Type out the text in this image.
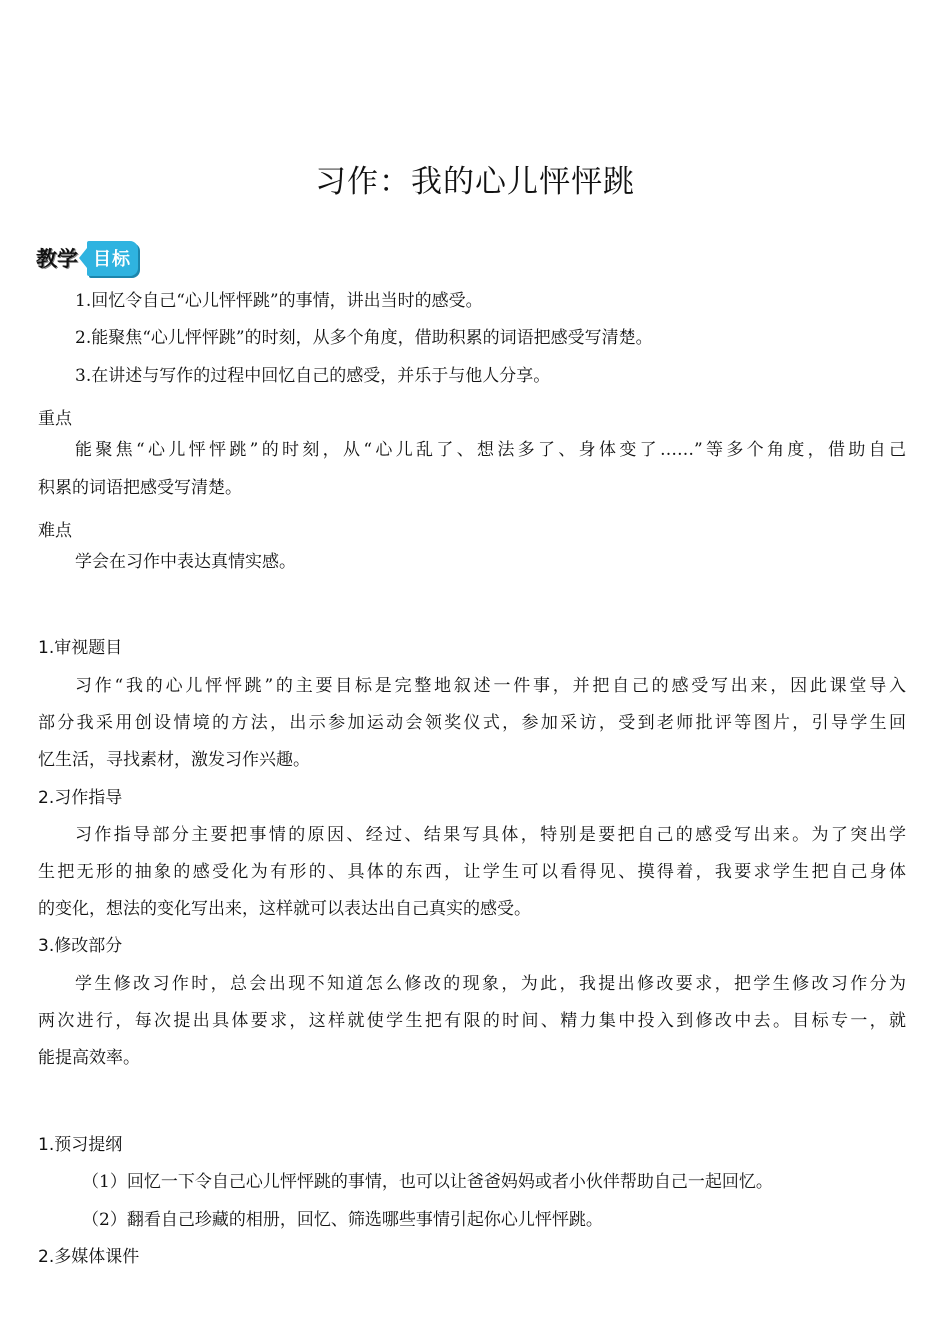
习作：我的心儿怦怦跳
教学 目标
1.回忆令自己“心儿怦怦跳”的事情，讲出当时的感受。
2.能聚焦“心儿怦怦跳”的时刻，从多个角度，借助积累的词语把感受写清楚。
3.在讲述与写作的过程中回忆自己的感受，并乐于与他人分享。
重点
能聚焦“心儿怦怦跳”的时刻，从“心儿乱了、想法多了、身体变了……”等多个角度，借助自己
积累的词语把感受写清楚。
难点
学会在习作中表达真情实感。
1.审视题目
习作“我的心儿怦怦跳”的主要目标是完整地叙述一件事，并把自己的感受写出来，因此课堂导入
部分我采用创设情境的方法，出示参加运动会领奖仪式，参加采访，受到老师批评等图片，引导学生回
忆生活，寻找素材，激发习作兴趣。
2.习作指导
习作指导部分主要把事情的原因、经过、结果写具体，特别是要把自己的感受写出来。为了突出学
生把无形的抽象的感受化为有形的、具体的东西，让学生可以看得见、摸得着，我要求学生把自己身体
的变化，想法的变化写出来，这样就可以表达出自己真实的感受。
3.修改部分
学生修改习作时，总会出现不知道怎么修改的现象，为此，我提出修改要求，把学生修改习作分为
两次进行，每次提出具体要求，这样就使学生把有限的时间、精力集中投入到修改中去。目标专一，就
能提高效率。
1.预习提纲
（1）回忆一下令自己心儿怦怦跳的事情，也可以让爸爸妈妈或者小伙伴帮助自己一起回忆。
（2）翻看自己珍藏的相册，回忆、筛选哪些事情引起你心儿怦怦跳。
2.多媒体课件
